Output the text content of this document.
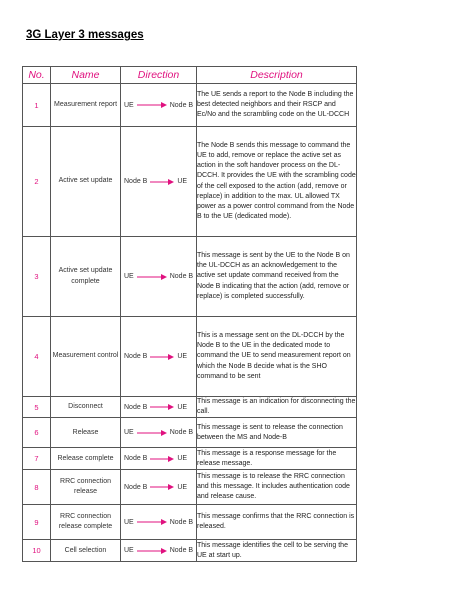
3G Layer 3 messages
No.	Name	Direction	Description
1	Measurement report	UE Node B	The UE sends a report to the Node B including the best detected neighbors and their RSCP and Ec/No and the scrambling code on the UL-DCCH
2	Active set update	Node B UE	The Node B sends this message to command the UE to add, remove or replace the active set as action in the soft handover process on the DL-DCCH. It provides the UE with the scrambling code of the cell exposed to the action (add, remove or replace) in addition to the max. UL allowed TX power as a power control command from the Node B to the UE (dedicated mode).
3	Active set update complete	UE Node B	This message is sent by the UE to the Node B on the UL-DCCH as an acknowledgement to the active set update command received from the Node B indicating that the action (add, remove or replace) is completed successfully.
4	Measurement control	Node B UE	This is a message sent on the DL-DCCH by the Node B to the UE in the dedicated mode to command the UE to send measurement report on which the Node B decide what is the SHO command to be sent
5	Disconnect	Node B UE	This message is an indication for disconnecting the call.
6	Release	UE Node B	This message is sent to release the connection between the MS and Node-B
7	Release complete	Node B UE	This message is a response message for the release message.
8	RRC connection release	Node B UE	This message is to release the RRC connection and this message. It includes authentication code and release cause.
9	RRC connection release complete	UE Node B	This message confirms that the RRC connection is released.
10	Cell selection	UE Node B	This message identifies the cell to be serving the UE at start up.
